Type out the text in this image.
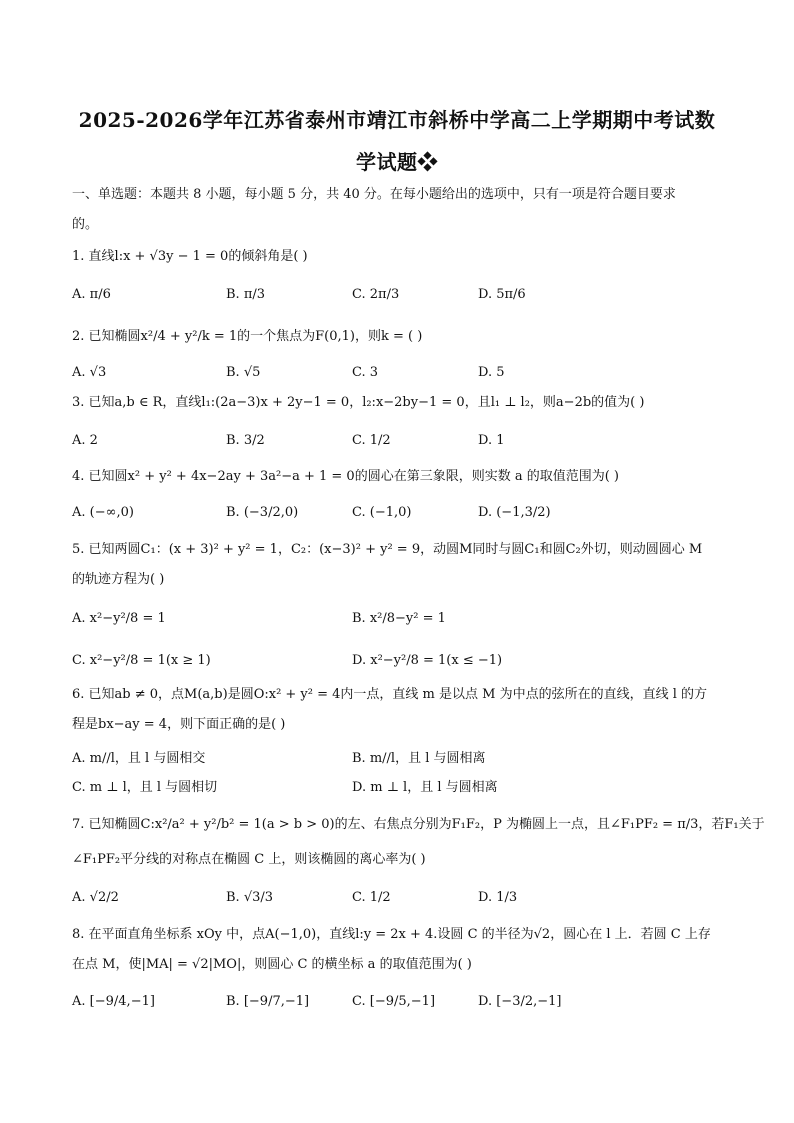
2025-2026学年江苏省泰州市靖江市斜桥中学高二上学期期中考试数
学试题❖
一、单选题：本题共 8 小题，每小题 5 分，共 40 分。在每小题给出的选项中，只有一项是符合题目要求
的。
1. 直线l:x + √3y − 1 = 0的倾斜角是( )
A. π/6	B. π/3	C. 2π/3	D. 5π/6
2. 已知椭圆x²/4 + y²/k = 1的一个焦点为F(0,1)，则k = ( )
A. √3	B. √5	C. 3	D. 5
3. 已知a,b ∈ R，直线l₁:(2a−3)x + 2y−1 = 0，l₂:x−2by−1 = 0，且l₁ ⊥ l₂，则a−2b的值为( )
A. 2	B. 3/2	C. 1/2	D. 1
4. 已知圆x² + y² + 4x−2ay + 3a²−a + 1 = 0的圆心在第三象限，则实数 a 的取值范围为( )
A. (−∞,0)	B. (−3/2,0)	C. (−1,0)	D. (−1,3/2)
5. 已知两圆C₁：(x + 3)² + y² = 1，C₂：(x−3)² + y² = 9，动圆M同时与圆C₁和圆C₂外切，则动圆圆心 M
的轨迹方程为( )
A. x²−y²/8 = 1	B. x²/8−y² = 1
C. x²−y²/8 = 1(x ≥ 1)	D. x²−y²/8 = 1(x ≤ −1)
6. 已知ab ≠ 0，点M(a,b)是圆O:x² + y² = 4内一点，直线 m 是以点 M 为中点的弦所在的直线，直线 l 的方
程是bx−ay = 4，则下面正确的是( )
A. m//l，且 l 与圆相交	B. m//l，且 l 与圆相离
C. m ⊥ l，且 l 与圆相切	D. m ⊥ l，且 l 与圆相离
7. 已知椭圆C:x²/a² + y²/b² = 1(a > b > 0)的左、右焦点分别为F₁F₂，P 为椭圆上一点，且∠F₁PF₂ = π/3，若F₁关于
∠F₁PF₂平分线的对称点在椭圆 C 上，则该椭圆的离心率为( )
A. √2/2	B. √3/3	C. 1/2	D. 1/3
8. 在平面直角坐标系 xOy 中，点A(−1,0)，直线l:y = 2x + 4.设圆 C 的半径为√2，圆心在 l 上．若圆 C 上存
在点 M，使|MA| = √2|MO|，则圆心 C 的横坐标 a 的取值范围为( )
A. [−9/4,−1]	B. [−9/7,−1]	C. [−9/5,−1]	D. [−3/2,−1]
